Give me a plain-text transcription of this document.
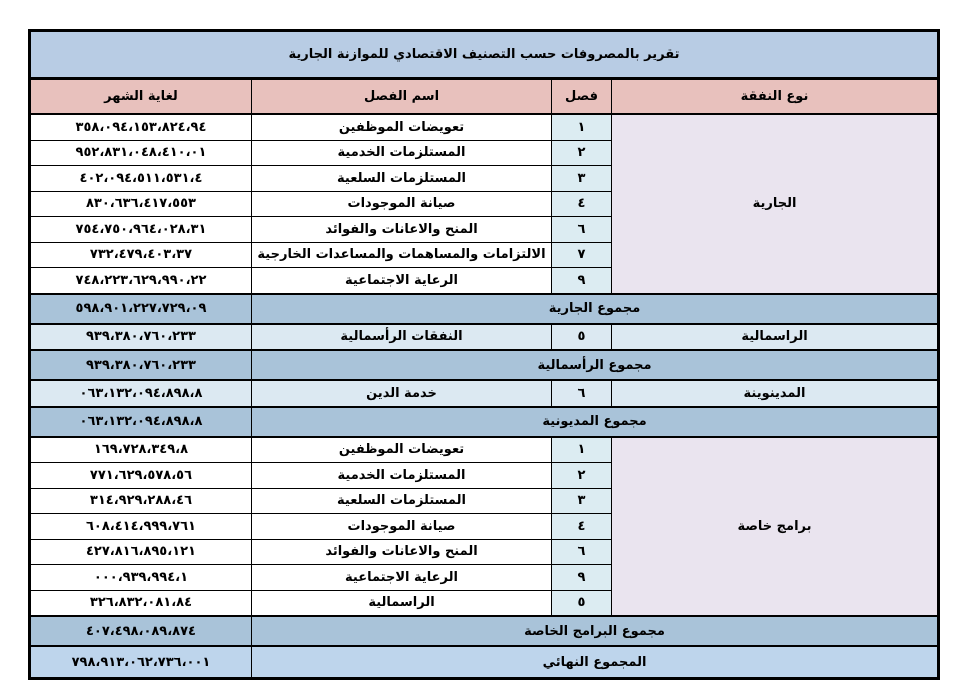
تقرير بالمصروفات حسب التصنيف الاقتصادي للموازنة الجارية			
نوع النفقة	فصل	اسم الفصل	لغاية الشهر
الجارية	١	تعويضات الموظفين	٤٩،٤٢٨،٣٥١،٤٩٠،٨٥٣
	٢	المستلزمات الخدمية	١٠،٠١٤،٨٤٠،١٣٨،٢٥٩
	٣	المستلزمات السلعية	٤،١٣٥،١١٥،٤٩٠،٢٠٤
	٤	صيانة الموجودات	٣٥٥،٧١٤،٦٣٦،٠٣٨
	٦	المنح والاعانات والفوائد	١٣،٨٢٠،٤٦٩،٠٥٧،٤٥٧
	٧	الالتزامات والمساهمات والمساعدات الخارجية	٧٣،٣٠٤،٩٧٤،٢٣٧
	٩	الرعاية الاجتماعية	٢٢،٠٩٩،٩٢٦،٣٢٢،٨٤٧
مجموع الجارية			٩٠،٩٢٧،٧٢٢،١٠٩،٨٩٥
الراسمالية	٥	النفقات الرأسمالية	٣٣٢،٠٦٧،٠٨٣،٩٣٩
مجموع الرأسمالية			٣٣٢،٠٦٧،٠٨٣،٩٣٩
المدينوينة	٦	خدمة الدين	٨،٨٩٨،٤٩٠،٢٣١،٣٦٠
مجموع المديونية			٨،٨٩٨،٤٩٠،٢٣١،٣٦٠
برامج خاصة	١	تعويضات الموظفين	٨،٩٤٣،٨٢٧،٩٦١
	٢	المستلزمات الخدمية	٦٥،٨٧٥،٩٢٦،١٧٧
	٣	المستلزمات السلعية	٦٤،٨٨٢،٩٢٩،٤١٣
	٤	صيانة الموجودات	١٦٧،٩٩٩،٤١٤،٨٠٦
	٦	المنح والاعانات والفوائد	١٢١،٥٩٨،٦١٨،٧٢٤
	٩	الرعاية الاجتماعية	١،٤٩٩،٩٣٩،٠٠٠
	٥	الراسمالية	٤٨،١٨٠،٢٣٨،٦٢٣
مجموع البرامج الخاصة			٤٧٨،٩٨٠،٨٩٤،٧٠٤
المجموع النهائي			١٠٠،٦٣٧،٢٦٠،٣١٩،٨٩٧
